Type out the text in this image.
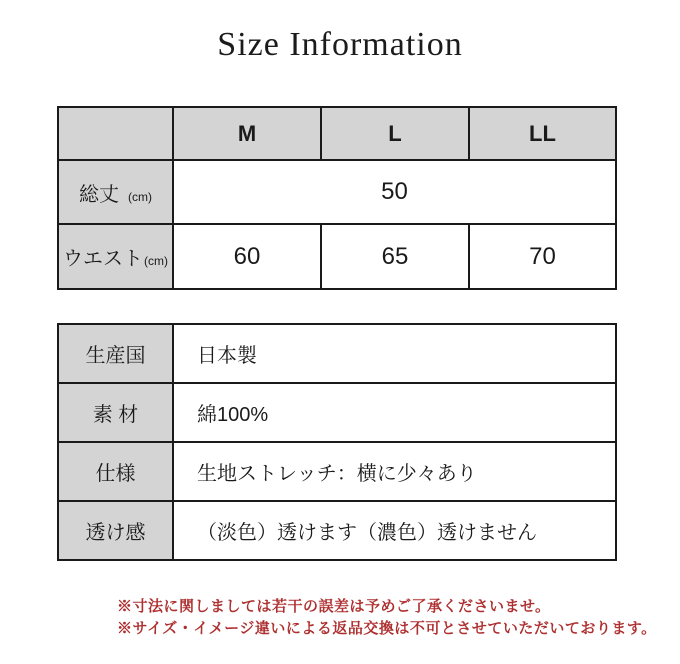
Size Information
	M	L	LL
総丈 (cm)	50		
ウエスト(cm)	60	65	70
生産国	日本製
素 材	綿100%
仕様	生地ストレッチ：横に少々あり
透け感	（淡色）透けます（濃色）透けません
※寸法に関しましては若干の誤差は予めご了承くださいませ。
※サイズ・イメージ違いによる返品交換は不可とさせていただいております。
